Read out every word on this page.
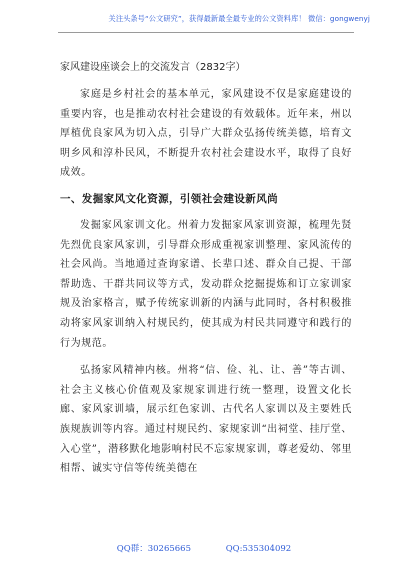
关注头条号“公文研究”，获得最新最全最专业的公文资料库！ 微信：gongwenyj
家风建设座谈会上的交流发言（2832字）

家庭是乡村社会的基本单元，家风建设不仅是家庭建设的重要内容，也是推动农村社会建设的有效载体。近年来，州以厚植优良家风为切入点，引导广大群众弘扬传统美德，培育文明乡风和淳朴民风，不断提升农村社会建设水平，取得了良好成效。

一、发掘家风文化资源，引领社会建设新风尚

发掘家风家训文化。州着力发掘家风家训资源，梳理先贤先烈优良家风家训，引导群众形成重视家训整理、家风流传的社会风尚。当地通过查询家谱、长辈口述、群众自己提、干部帮助选、干群共同议等方式，发动群众挖掘提炼和订立家训家规及治家格言，赋予传统家训新的内涵与此同时，各村积极推动将家风家训纳入村规民约，使其成为村民共同遵守和践行的行为规范。

弘扬家风精神内核。州将“信、俭、礼、让、善”等古训、社会主义核心价值观及家规家训进行统一整理，设置文化长廊、家风家训墙，展示红色家训、古代名人家训以及主要姓氏族规族训等内容。通过村规民约、家规家训“出祠堂、挂厅堂、入心堂”，潜移默化地影响村民不忘家规家训，尊老爱幼、邻里相帮、诚实守信等传统美德在

QQ群：30265665	QQ:535304092
